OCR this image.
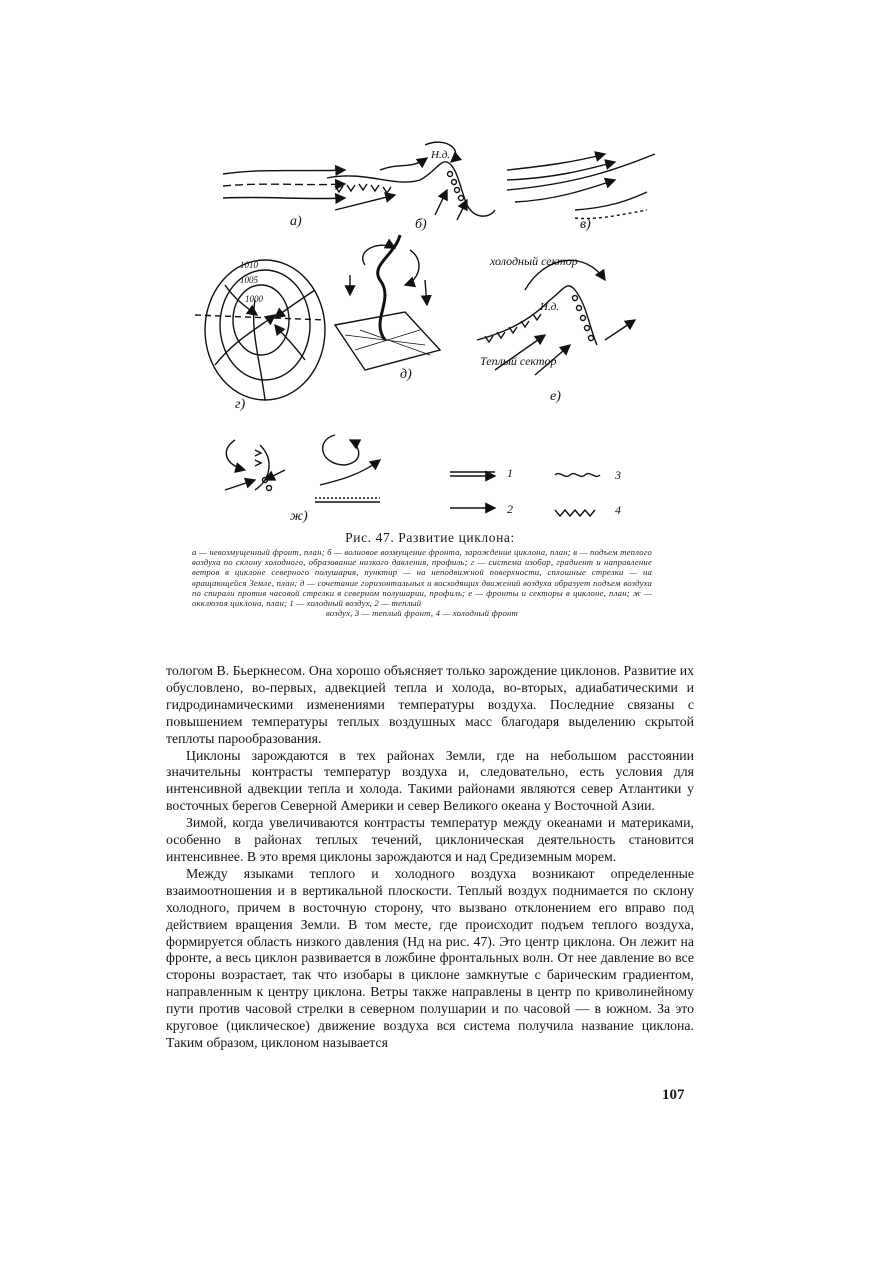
a)	б)	в)
г)
д)
е)
ж)
Н.д.
Н.д.
1010
1005
1000
холодный сектор
Теплый сектор
1
2
3
4
Рис. 47. Развитие циклона:
а — невозмущенный фронт, план; б — волновое возмущение фронта, зарождение циклона, план; в — подъем теплого воздуха по склону холодного, образование низкого давления, профиль; г — система изобар, градиент и направление ветров в циклоне северного полушария, пунктир — на неподвижной поверхности, сплошные стрелки — на вращающейся Земле, план; д — сочетание горизонтальных и восходящих движений воздуха образует подъем воздуха по спирали против часовой стрелки в северном полушарии, профиль; е — фронты и секторы в циклоне, план; ж — окклюзия циклона, план; 1 — холодный воздух, 2 — теплый
воздух, 3 — теплый фронт, 4 — холодный фронт

тологом В. Бьеркнесом. Она хорошо объясняет только зарождение циклонов. Развитие их обусловлено, во-первых, адвекцией тепла и холода, во-вторых, адиабатическими и гидродинамическими изменениями температуры воздуха. Последние связаны с повышением температуры теплых воздушных масс благодаря выделению скрытой теплоты парообразования.

Циклоны зарождаются в тех районах Земли, где на небольшом расстоянии значительны контрасты температур воздуха и, следовательно, есть условия для интенсивной адвекции тепла и холода. Такими районами являются север Атлантики у восточных берегов Северной Америки и север Великого океана у Восточной Азии.

Зимой, когда увеличиваются контрасты температур между океанами и материками, особенно в районах теплых течений, циклоническая деятельность становится интенсивнее. В это время циклоны зарождаются и над Средиземным морем.

Между языками теплого и холодного воздуха возникают определенные взаимоотношения и в вертикальной плоскости. Теплый воздух поднимается по склону холодного, причем в восточную сторону, что вызвано отклонением его вправо под действием вращения Земли. В том месте, где происходит подъем теплого воздуха, формируется область низкого давления (Нд на рис. 47). Это центр циклона. Он лежит на фронте, а весь циклон развивается в ложбине фронтальных волн. От нее давление во все стороны возрастает, так что изобары в циклоне замкнутые с барическим градиентом, направленным к центру циклона. Ветры также направлены в центр по криволинейному пути против часовой стрелки в северном полушарии и по часовой — в южном. За это круговое (циклическое) движение воздуха вся система получила название циклона. Таким образом, циклоном называется

107
